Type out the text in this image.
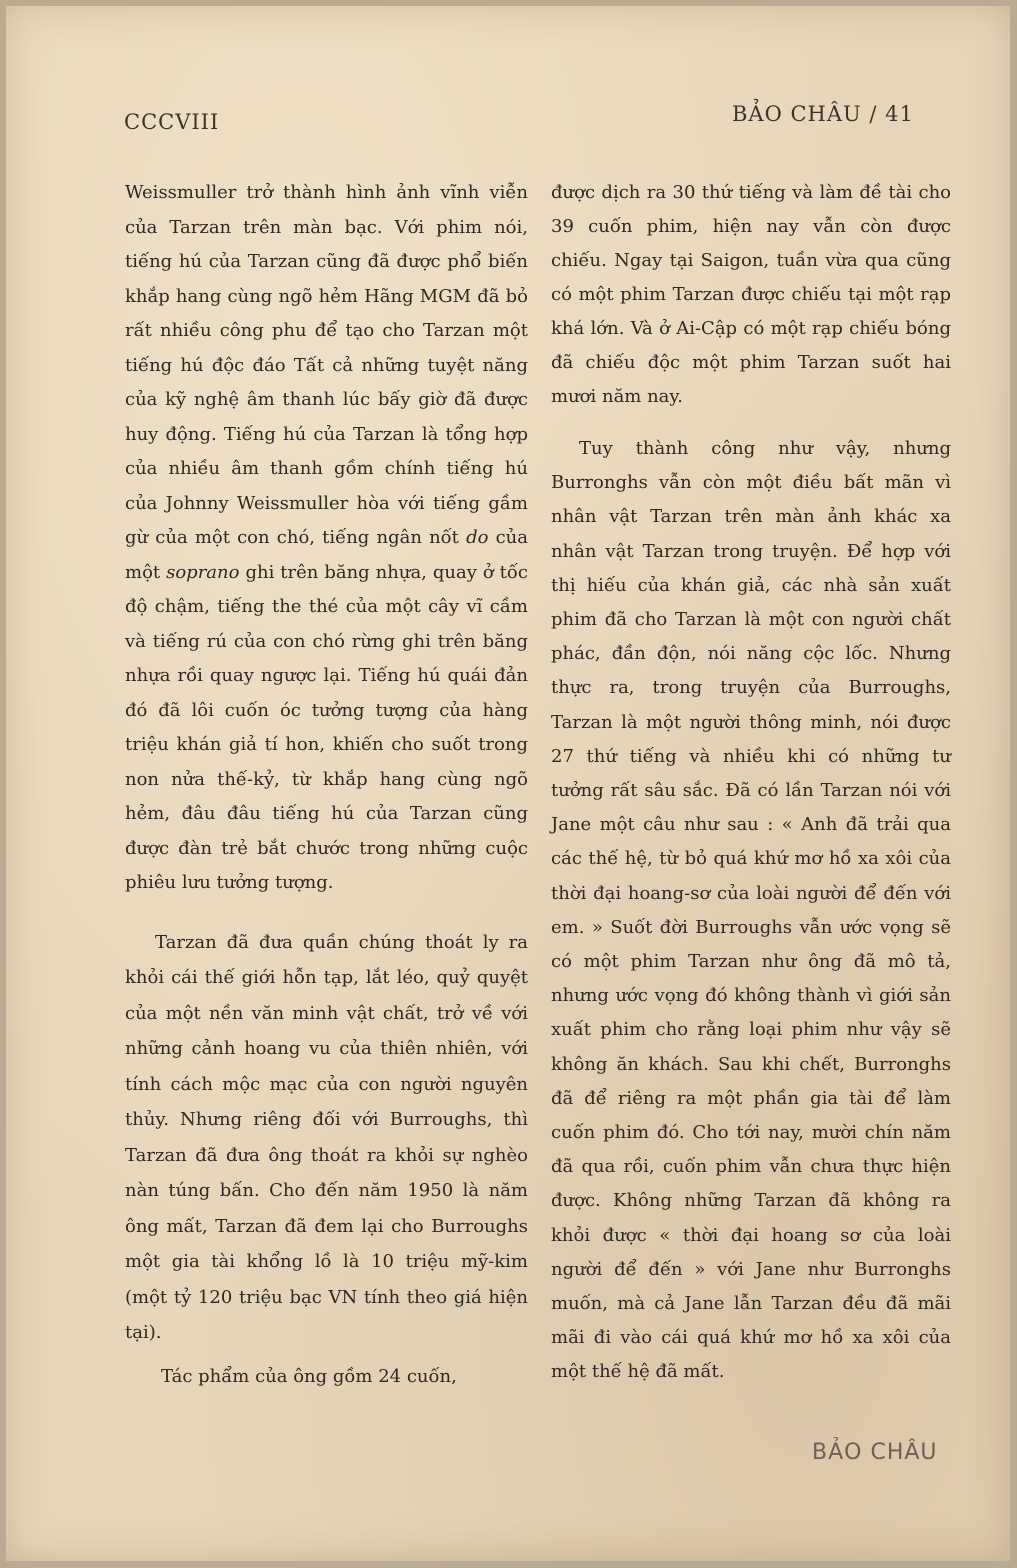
CCCVIII	BẢO CHÂU / 41

Weissmuller trở thành hình ảnh vĩnh viễn của Tarzan trên màn bạc. Với phim nói, tiếng hú của Tarzan cũng đã được phổ biến khắp hang cùng ngõ hẻm Hãng MGM đã bỏ rất nhiều công phu để tạo cho Tarzan một tiếng hú độc đáo Tất cả những tuyệt năng của kỹ nghệ âm thanh lúc bấy giờ đã được huy động. Tiếng hú của Tarzan là tổng hợp của nhiều âm thanh gồm chính tiếng hú của Johnny Weissmuller hòa với tiếng gầm gừ của một con chó, tiếng ngân nốt do của một soprano ghi trên băng nhựa, quay ở tốc độ chậm, tiếng the thé của một cây vĩ cầm và tiếng rú của con chó rừng ghi trên băng nhựa rồi quay ngược lại. Tiếng hú quái đản đó đã lôi cuốn óc tưởng tượng của hàng triệu khán giả tí hon, khiến cho suốt trong non nửa thế-kỷ, từ khắp hang cùng ngõ hẻm, đâu đâu tiếng hú của Tarzan cũng được đàn trẻ bắt chước trong những cuộc phiêu lưu tưởng tượng.

Tarzan đã đưa quần chúng thoát ly ra khỏi cái thế giới hỗn tạp, lắt léo, quỷ quyệt của một nền văn minh vật chất, trở về với những cảnh hoang vu của thiên nhiên, với tính cách mộc mạc của con người nguyên thủy. Nhưng riêng đối với Burroughs, thì Tarzan đã đưa ông thoát ra khỏi sự nghèo nàn túng bấn. Cho đến năm 1950 là năm ông mất, Tarzan đã đem lại cho Burroughs một gia tài khổng lồ là 10 triệu mỹ-kim (một tỷ 120 triệu bạc VN tính theo giá hiện tại).

Tác phẩm của ông gồm 24 cuốn,

được dịch ra 30 thứ tiếng và làm đề tài cho 39 cuốn phim, hiện nay vẫn còn được chiếu. Ngay tại Saigon, tuần vừa qua cũng có một phim Tarzan được chiếu tại một rạp khá lớn. Và ở Ai-Cập có một rạp chiếu bóng đã chiếu độc một phim Tarzan suốt hai mươi năm nay.

Tuy thành công như vậy, nhưng Burronghs vẫn còn một điều bất mãn vì nhân vật Tarzan trên màn ảnh khác xa nhân vật Tarzan trong truyện. Để hợp với thị hiếu của khán giả, các nhà sản xuất phim đã cho Tarzan là một con người chất phác, đần độn, nói năng cộc lốc. Nhưng thực ra, trong truyện của Burroughs, Tarzan là một người thông minh, nói được 27 thứ tiếng và nhiều khi có những tư tưởng rất sâu sắc. Đã có lần Tarzan nói với Jane một câu như sau : « Anh đã trải qua các thế hệ, từ bỏ quá khứ mơ hồ xa xôi của thời đại hoang-sơ của loài người để đến với em. » Suốt đời Burroughs vẫn ước vọng sẽ có một phim Tarzan như ông đã mô tả, nhưng ước vọng đó không thành vì giới sản xuất phim cho rằng loại phim như vậy sẽ không ăn khách. Sau khi chết, Burronghs đã để riêng ra một phần gia tài để làm cuốn phim đó. Cho tới nay, mười chín năm đã qua rồi, cuốn phim vẫn chưa thực hiện được. Không những Tarzan đã không ra khỏi được « thời đại hoang sơ của loài người để đến » với Jane như Burronghs muốn, mà cả Jane lẫn Tarzan đều đã mãi mãi đi vào cái quá khứ mơ hồ xa xôi của một thế hệ đã mất.

BẢO CHÂU
